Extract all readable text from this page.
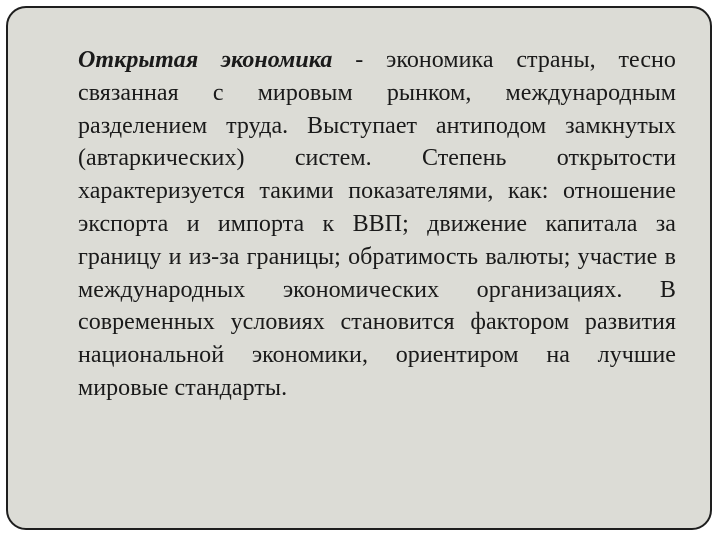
Открытая экономика - экономика страны, тесно связанная с мировым рынком, международным разделением труда. Выступает антиподом замкнутых (автаркических) систем. Степень открытости характеризуется такими показателями, как: отношение экспорта и импорта к ВВП; движение капитала за границу и из-за границы; обратимость валюты; участие в международных экономических организациях. В современных условиях становится фактором развития национальной экономики, ориентиром на лучшие мировые стандарты.
